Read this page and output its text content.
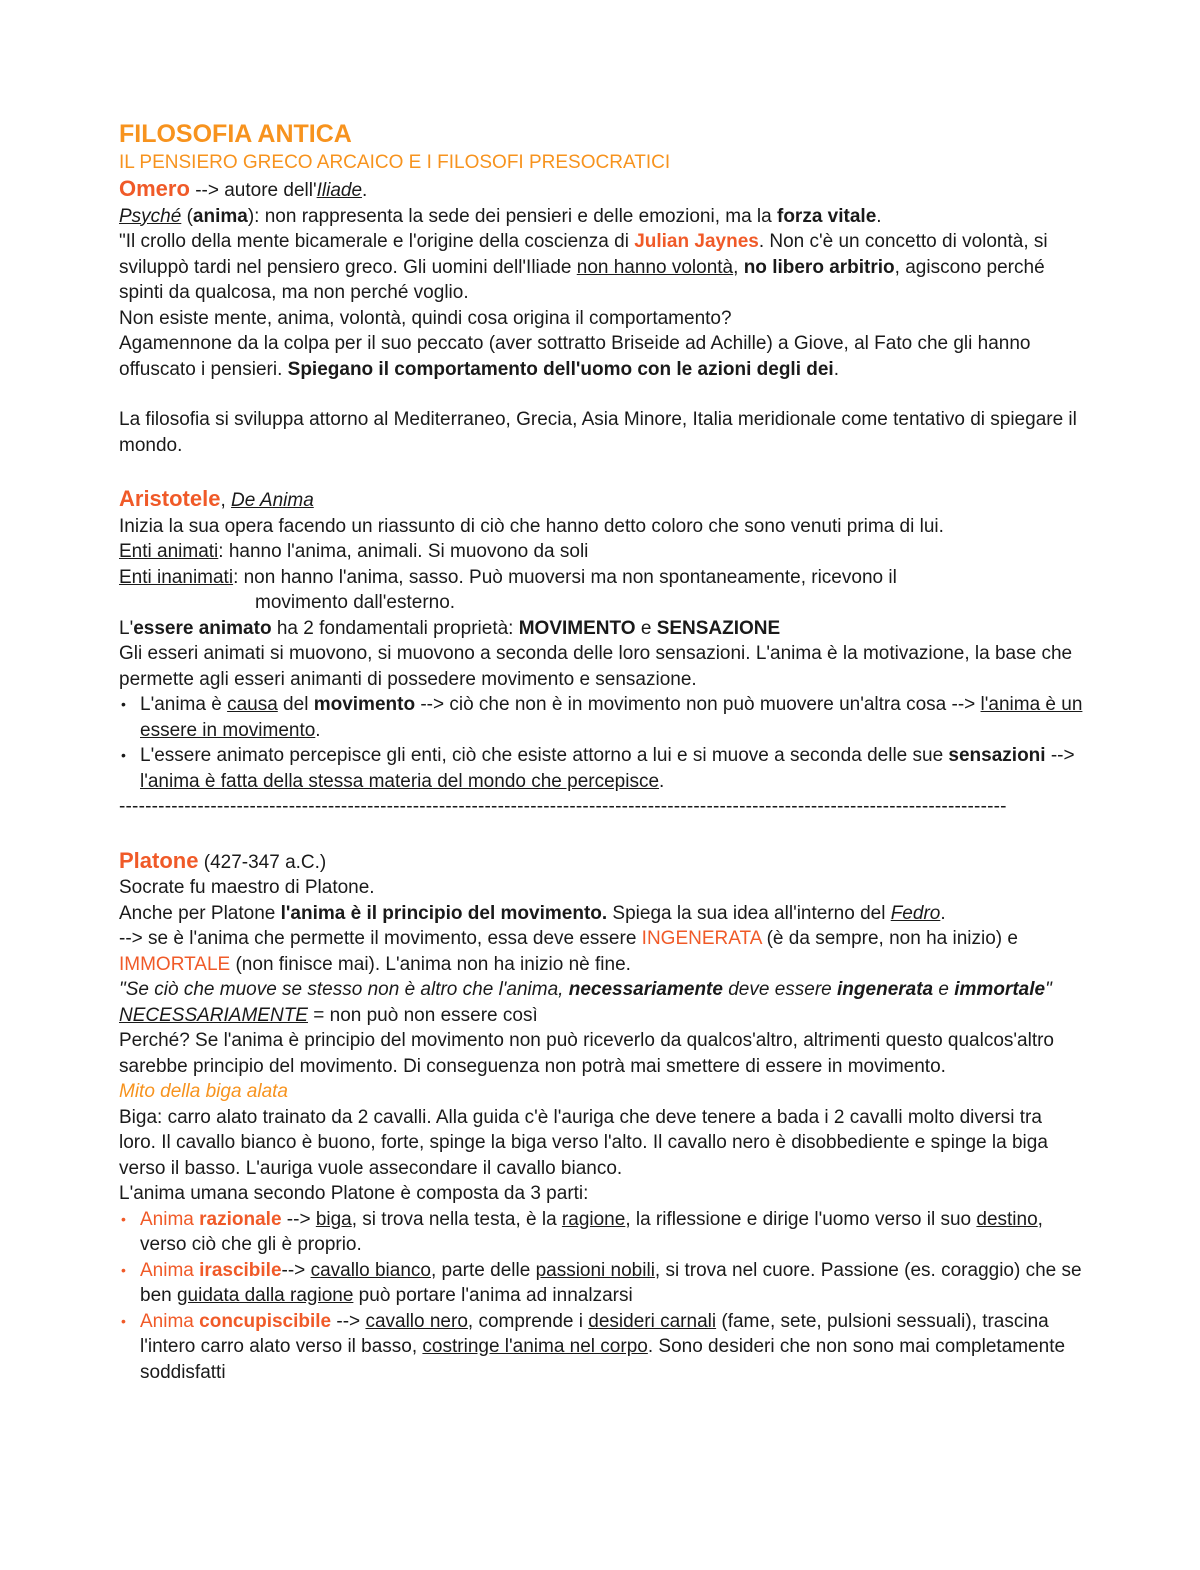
FILOSOFIA ANTICA

IL PENSIERO GRECO ARCAICO E I FILOSOFI PRESOCRATICI

Omero --> autore dell'Iliade.

Psyché (anima): non rappresenta la sede dei pensieri e delle emozioni, ma la forza vitale.

"Il crollo della mente bicamerale e l'origine della coscienza di Julian Jaynes. Non c'è un concetto di volontà, si sviluppò tardi nel pensiero greco. Gli uomini dell'Iliade non hanno volontà, no libero arbitrio, agiscono perché spinti da qualcosa, ma non perché voglio.

Non esiste mente, anima, volontà, quindi cosa origina il comportamento?

Agamennone da la colpa per il suo peccato (aver sottratto Briseide ad Achille) a Giove, al Fato che gli hanno offuscato i pensieri. Spiegano il comportamento dell'uomo con le azioni degli dei.

La filosofia si sviluppa attorno al Mediterraneo, Grecia, Asia Minore, Italia meridionale come tentativo di spiegare il mondo.

Aristotele, De Anima

Inizia la sua opera facendo un riassunto di ciò che hanno detto coloro che sono venuti prima di lui.

Enti animati: hanno l'anima, animali. Si muovono da soli

Enti inanimati: non hanno l'anima, sasso. Può muoversi ma non spontaneamente, ricevono il

movimento dall'esterno.

L'essere animato ha 2 fondamentali proprietà: MOVIMENTO e SENSAZIONE

Gli esseri animati si muovono, si muovono a seconda delle loro sensazioni. L'anima è la motivazione, la base che permette agli esseri animanti di possedere movimento e sensazione.

• L'anima è causa del movimento --> ciò che non è in movimento non può muovere un'altra cosa --> l'anima è un essere in movimento.
• L'essere animato percepisce gli enti, ciò che esiste attorno a lui e si muove a seconda delle sue sensazioni --> l'anima è fatta della stessa materia del mondo che percepisce.

----------------------------------------------------------------------------------------------------------------------------------------

Platone (427-347 a.C.)

Socrate fu maestro di Platone.

Anche per Platone l'anima è il principio del movimento. Spiega la sua idea all'interno del Fedro.

--> se è l'anima che permette il movimento, essa deve essere INGENERATA (è da sempre, non ha inizio) e IMMORTALE (non finisce mai). L'anima non ha inizio nè fine.

"Se ciò che muove se stesso non è altro che l'anima, necessariamente deve essere ingenerata e immortale"

NECESSARIAMENTE = non può non essere così

Perché? Se l'anima è principio del movimento non può riceverlo da qualcos'altro, altrimenti questo qualcos'altro sarebbe principio del movimento. Di conseguenza non potrà mai smettere di essere in movimento.

Mito della biga alata

Biga: carro alato trainato da 2 cavalli. Alla guida c'è l'auriga che deve tenere a bada i 2 cavalli molto diversi tra loro. Il cavallo bianco è buono, forte, spinge la biga verso l'alto. Il cavallo nero è disobbediente e spinge la biga verso il basso. L'auriga vuole assecondare il cavallo bianco.

L'anima umana secondo Platone è composta da 3 parti:

• Anima razionale --> biga, si trova nella testa, è la ragione, la riflessione e dirige l'uomo verso il suo destino, verso ciò che gli è proprio.
• Anima irascibile--> cavallo bianco, parte delle passioni nobili, si trova nel cuore. Passione (es. coraggio) che se ben guidata dalla ragione può portare l'anima ad innalzarsi
• Anima concupiscibile --> cavallo nero, comprende i desideri carnali (fame, sete, pulsioni sessuali), trascina l'intero carro alato verso il basso, costringe l'anima nel corpo. Sono desideri che non sono mai completamente soddisfatti
